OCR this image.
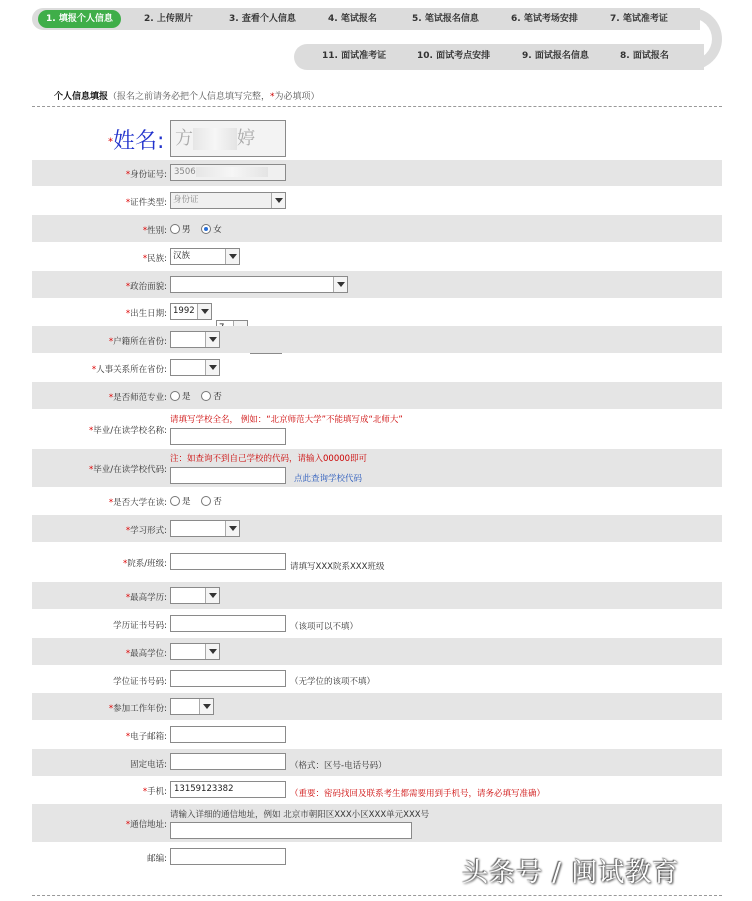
1. 填报个人信息	2. 上传照片	3. 查看个人信息	4. 笔试报名	5. 笔试报名信息	6. 笔试考场安排	7. 笔试准考证
11. 面试准考证	10. 面试考点安排	9. 面试报名信息	8. 面试报名
个人信息填报（报名之前请务必把个人信息填写完整，*为必填项）
*姓名: 方 婷
*身份证号: 3506
*证件类型: 身份证
*性别:	男	女
*民族: 汉族
*政治面貌:
*出生日期: 1992
*户籍所在省份:
*人事关系所在省份:
*是否师范专业:	是	否
*毕业/在读学校名称:
请填写学校全名， 例如：“北京师范大学”不能填写成“北师大”
*毕业/在读学校代码:
注：如查询不到自己学校的代码，请输入00000即可
点此查询学校代码
*是否大学在读:	是	否
*学习形式:
*院系/班级:	请填写XXX院系XXX班级
*最高学历:
学历证书号码:	（该项可以不填）
*最高学位:
学位证书号码:	（无学位的该项不填）
*参加工作年份:
*电子邮箱:
固定电话:	（格式：区号-电话号码）
*手机: 13159123382	（重要：密码找回及联系考生都需要用到手机号，请务必填写准确）
*通信地址:
请输入详细的通信地址，例如 北京市朝阳区XXX小区XXX单元XXX号
邮编:	头条号 / 闽试教育
